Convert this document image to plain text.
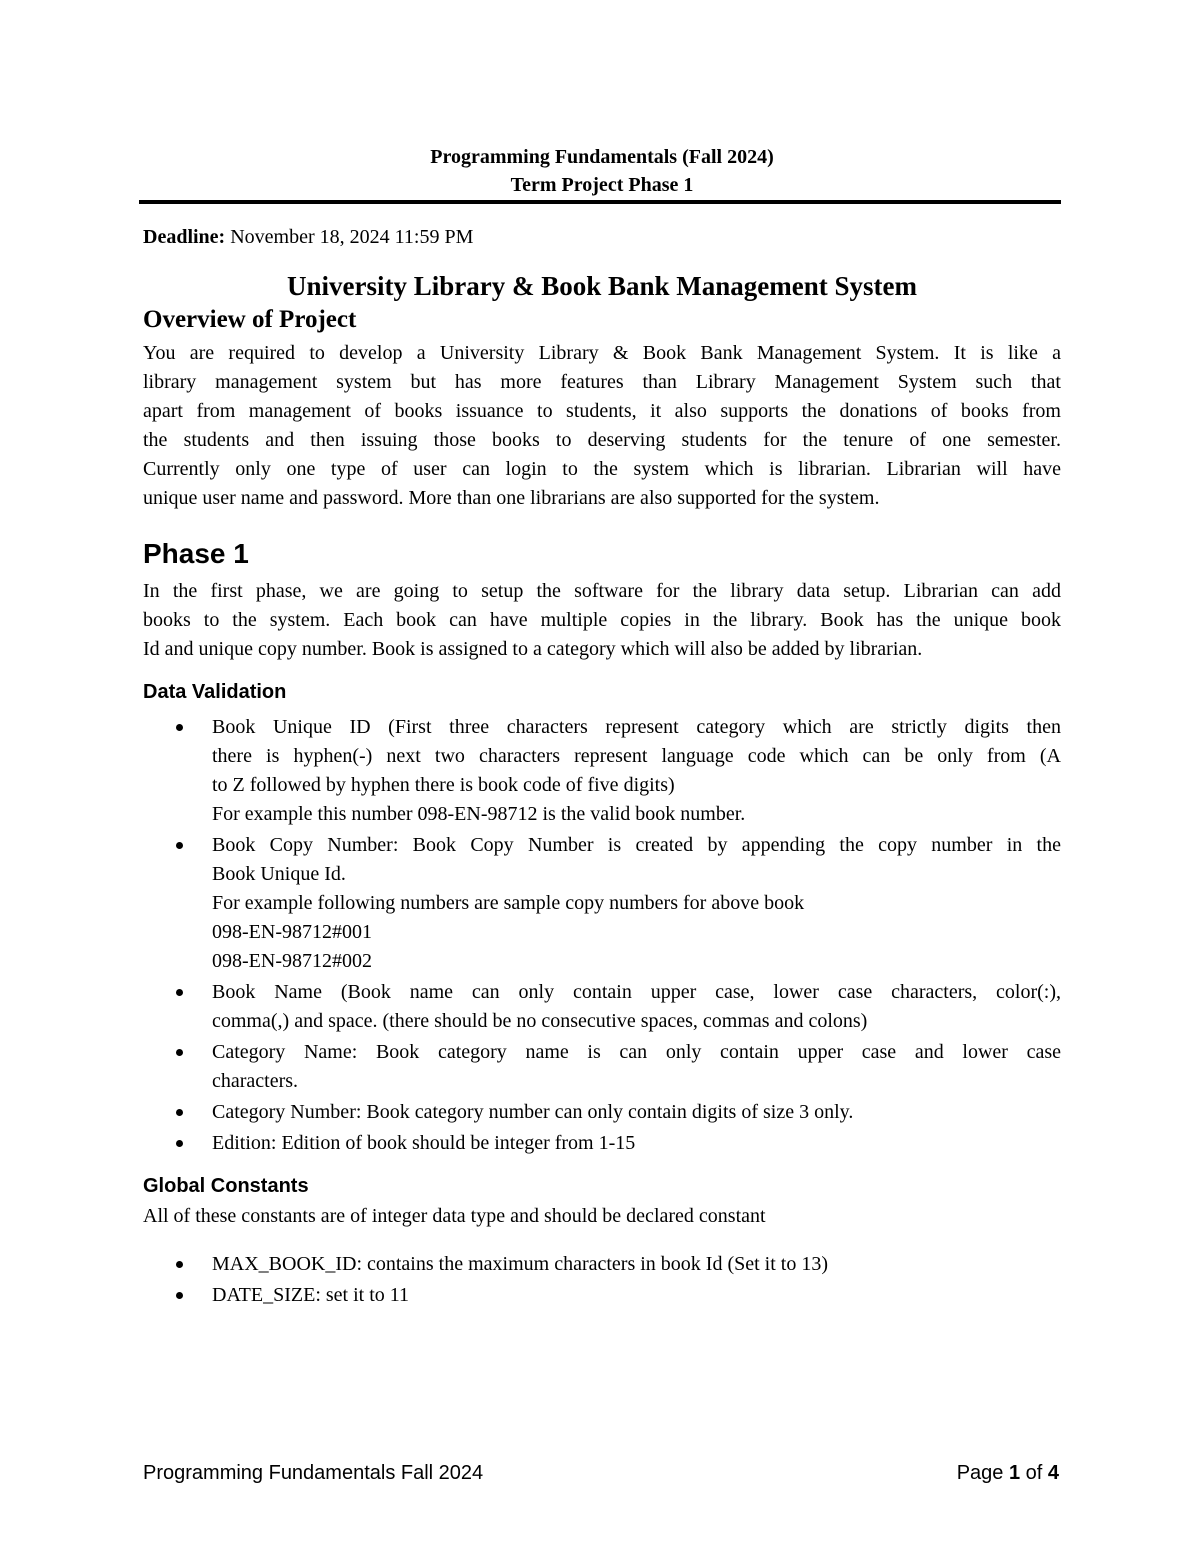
Programming Fundamentals (Fall 2024)
Term Project Phase 1
Deadline: November 18, 2024 11:59 PM
University Library & Book Bank Management System
Overview of Project
You are required to develop a University Library & Book Bank Management System. It is like a
library management system but has more features than Library Management System such that
apart from management of books issuance to students, it also supports the donations of books from
the students and then issuing those books to deserving students for the tenure of one semester.
Currently only one type of user can login to the system which is librarian. Librarian will have
unique user name and password. More than one librarians are also supported for the system.
Phase 1
In the first phase, we are going to setup the software for the library data setup. Librarian can add
books to the system. Each book can have multiple copies in the library. Book has the unique book
Id and unique copy number. Book is assigned to a category which will also be added by librarian.
Data Validation
Book Unique ID (First three characters represent category which are strictly digits then
there is hyphen(-) next two characters represent language code which can be only from (A
to Z followed by hyphen there is book code of five digits)
For example this number 098-EN-98712 is the valid book number.
Book Copy Number: Book Copy Number is created by appending the copy number in the
Book Unique Id.
For example following numbers are sample copy numbers for above book
098-EN-98712#001
098-EN-98712#002
Book Name (Book name can only contain upper case, lower case characters, color(:),
comma(,) and space. (there should be no consecutive spaces, commas and colons)
Category Name: Book category name is can only contain upper case and lower case
characters.
Category Number: Book category number can only contain digits of size 3 only.
Edition: Edition of book should be integer from 1-15
Global Constants
All of these constants are of integer data type and should be declared constant
MAX_BOOK_ID: contains the maximum characters in book Id (Set it to 13)
DATE_SIZE: set it to 11
Programming Fundamentals Fall 2024	Page 1 of 4
